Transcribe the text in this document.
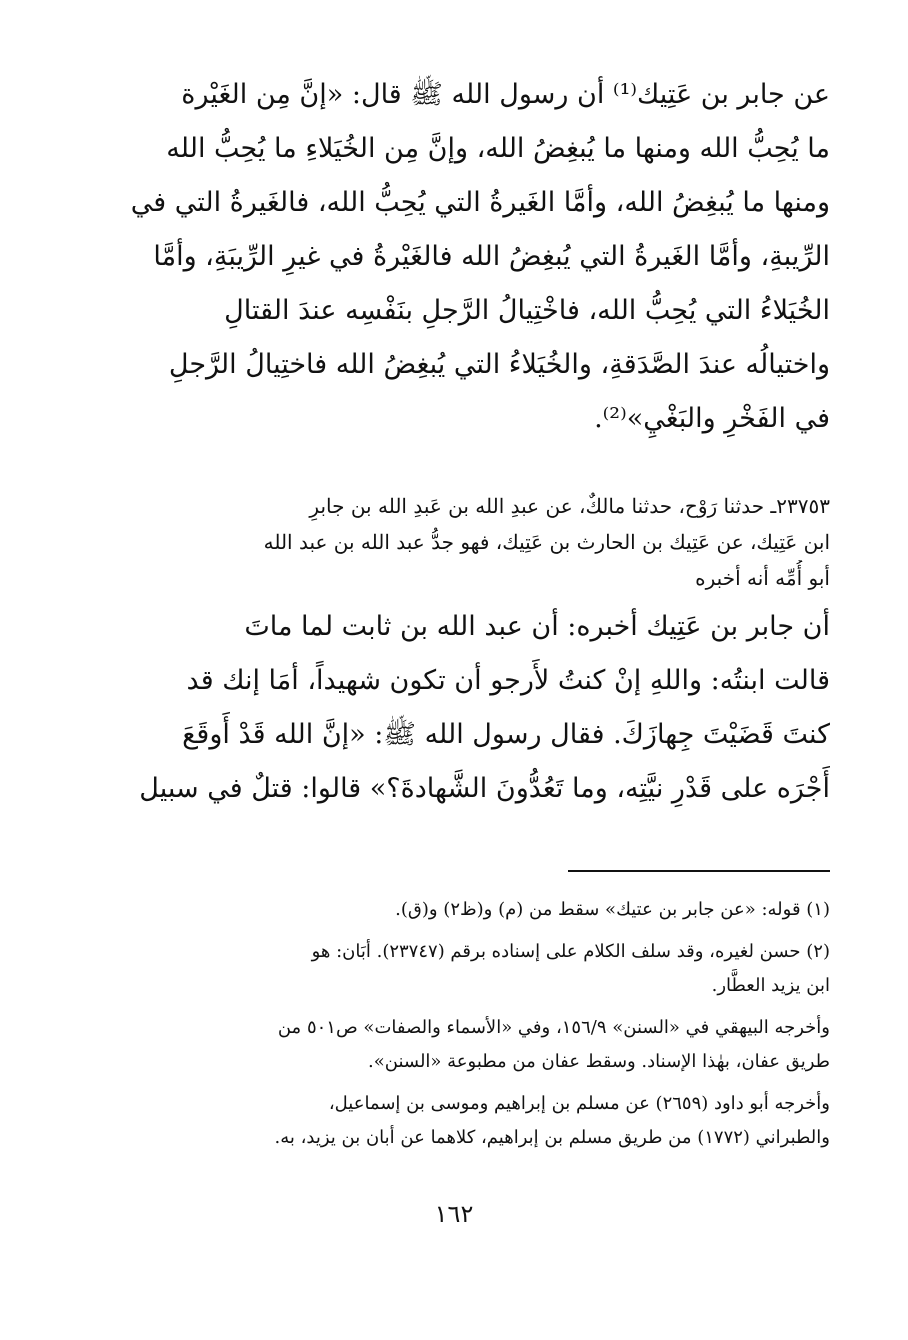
عن جابر بن عَتِيك⁽¹⁾ أن رسول الله ﷺ قال: «إنَّ مِن الغَيْرة
ما يُحِبُّ الله ومنها ما يُبغِضُ الله، وإنَّ مِن الخُيَلاءِ ما يُحِبُّ الله
ومنها ما يُبغِضُ الله، وأمَّا الغَيرةُ التي يُحِبُّ الله، فالغَيرةُ التي في
الرِّيبةِ، وأمَّا الغَيرةُ التي يُبغِضُ الله فالغَيْرةُ في غيرِ الرِّيبَةِ، وأمَّا
الخُيَلاءُ التي يُحِبُّ الله، فاخْتِيالُ الرَّجلِ بنَفْسِه عندَ القتالِ
واختيالُه عندَ الصَّدَقةِ، والخُيَلاءُ التي يُبغِضُ الله فاختِيالُ الرَّجلِ
في الفَخْرِ والبَغْيِ»⁽²⁾.
٢٣٧٥٣ـ حدثنا رَوْح، حدثنا مالكٌ، عن عبدِ الله بن عَبدِ الله بن جابرِ
ابن عَتِيك، عن عَتِيك بن الحارث بن عَتِيك، فهو جدُّ عبد الله بن عبد الله
أبو أُمِّه أنه أخبره
أن جابر بن عَتِيك أخبره: أن عبد الله بن ثابت لما ماتَ
قالت ابنتُه: واللهِ إنْ كنتُ لأَرجو أن تكون شهيداً، أمَا إنك قد
كنتَ قَضَيْتَ جِهازَكَ. فقال رسول الله ﷺ: «إنَّ الله قَدْ أَوقَعَ
أَجْرَه على قَدْرِ نيَّتِه، وما تَعُدُّونَ الشَّهادةَ؟» قالوا: قتلٌ في سبيل
(١) قوله: «عن جابر بن عتيك» سقط من (م) و(ظ٢) و(ق).
(٢) حسن لغيره، وقد سلف الكلام على إسناده برقم (٢٣٧٤٧). أبَان: هو
ابن يزيد العطَّار.
وأخرجه البيهقي في «السنن» ١٥٦/٩، وفي «الأسماء والصفات» ص٥٠١ من
طريق عفان، بهٰذا الإسناد. وسقط عفان من مطبوعة «السنن».
وأخرجه أبو داود (٢٦٥٩) عن مسلم بن إبراهيم وموسى بن إسماعيل،
والطبراني (١٧٧٢) من طريق مسلم بن إبراهيم، كلاهما عن أبان بن يزيد، به.
١٦٢
